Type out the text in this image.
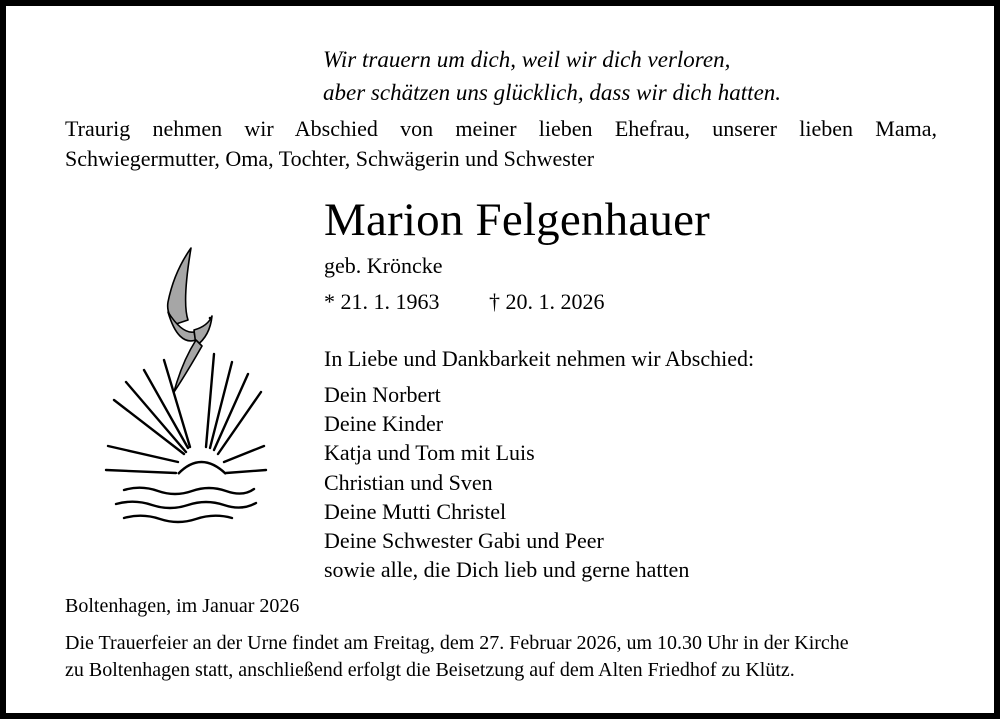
Wir trauern um dich, weil wir dich verloren,
aber schätzen uns glücklich, dass wir dich hatten.
Traurig nehmen wir Abschied von meiner lieben Ehefrau, unserer lieben Mama,
Schwiegermutter, Oma, Tochter, Schwägerin und Schwester
Marion Felgenhauer
geb. Kröncke
* 21. 1. 1963 † 20. 1. 2026
In Liebe und Dankbarkeit nehmen wir Abschied:
Dein Norbert
Deine Kinder
Katja und Tom mit Luis
Christian und Sven
Deine Mutti Christel
Deine Schwester Gabi und Peer
sowie alle, die Dich lieb und gerne hatten
Boltenhagen, im Januar 2026
Die Trauerfeier an der Urne findet am Freitag, dem 27. Februar 2026, um 10.30 Uhr in der Kirche
zu Boltenhagen statt, anschließend erfolgt die Beisetzung auf dem Alten Friedhof zu Klütz.
